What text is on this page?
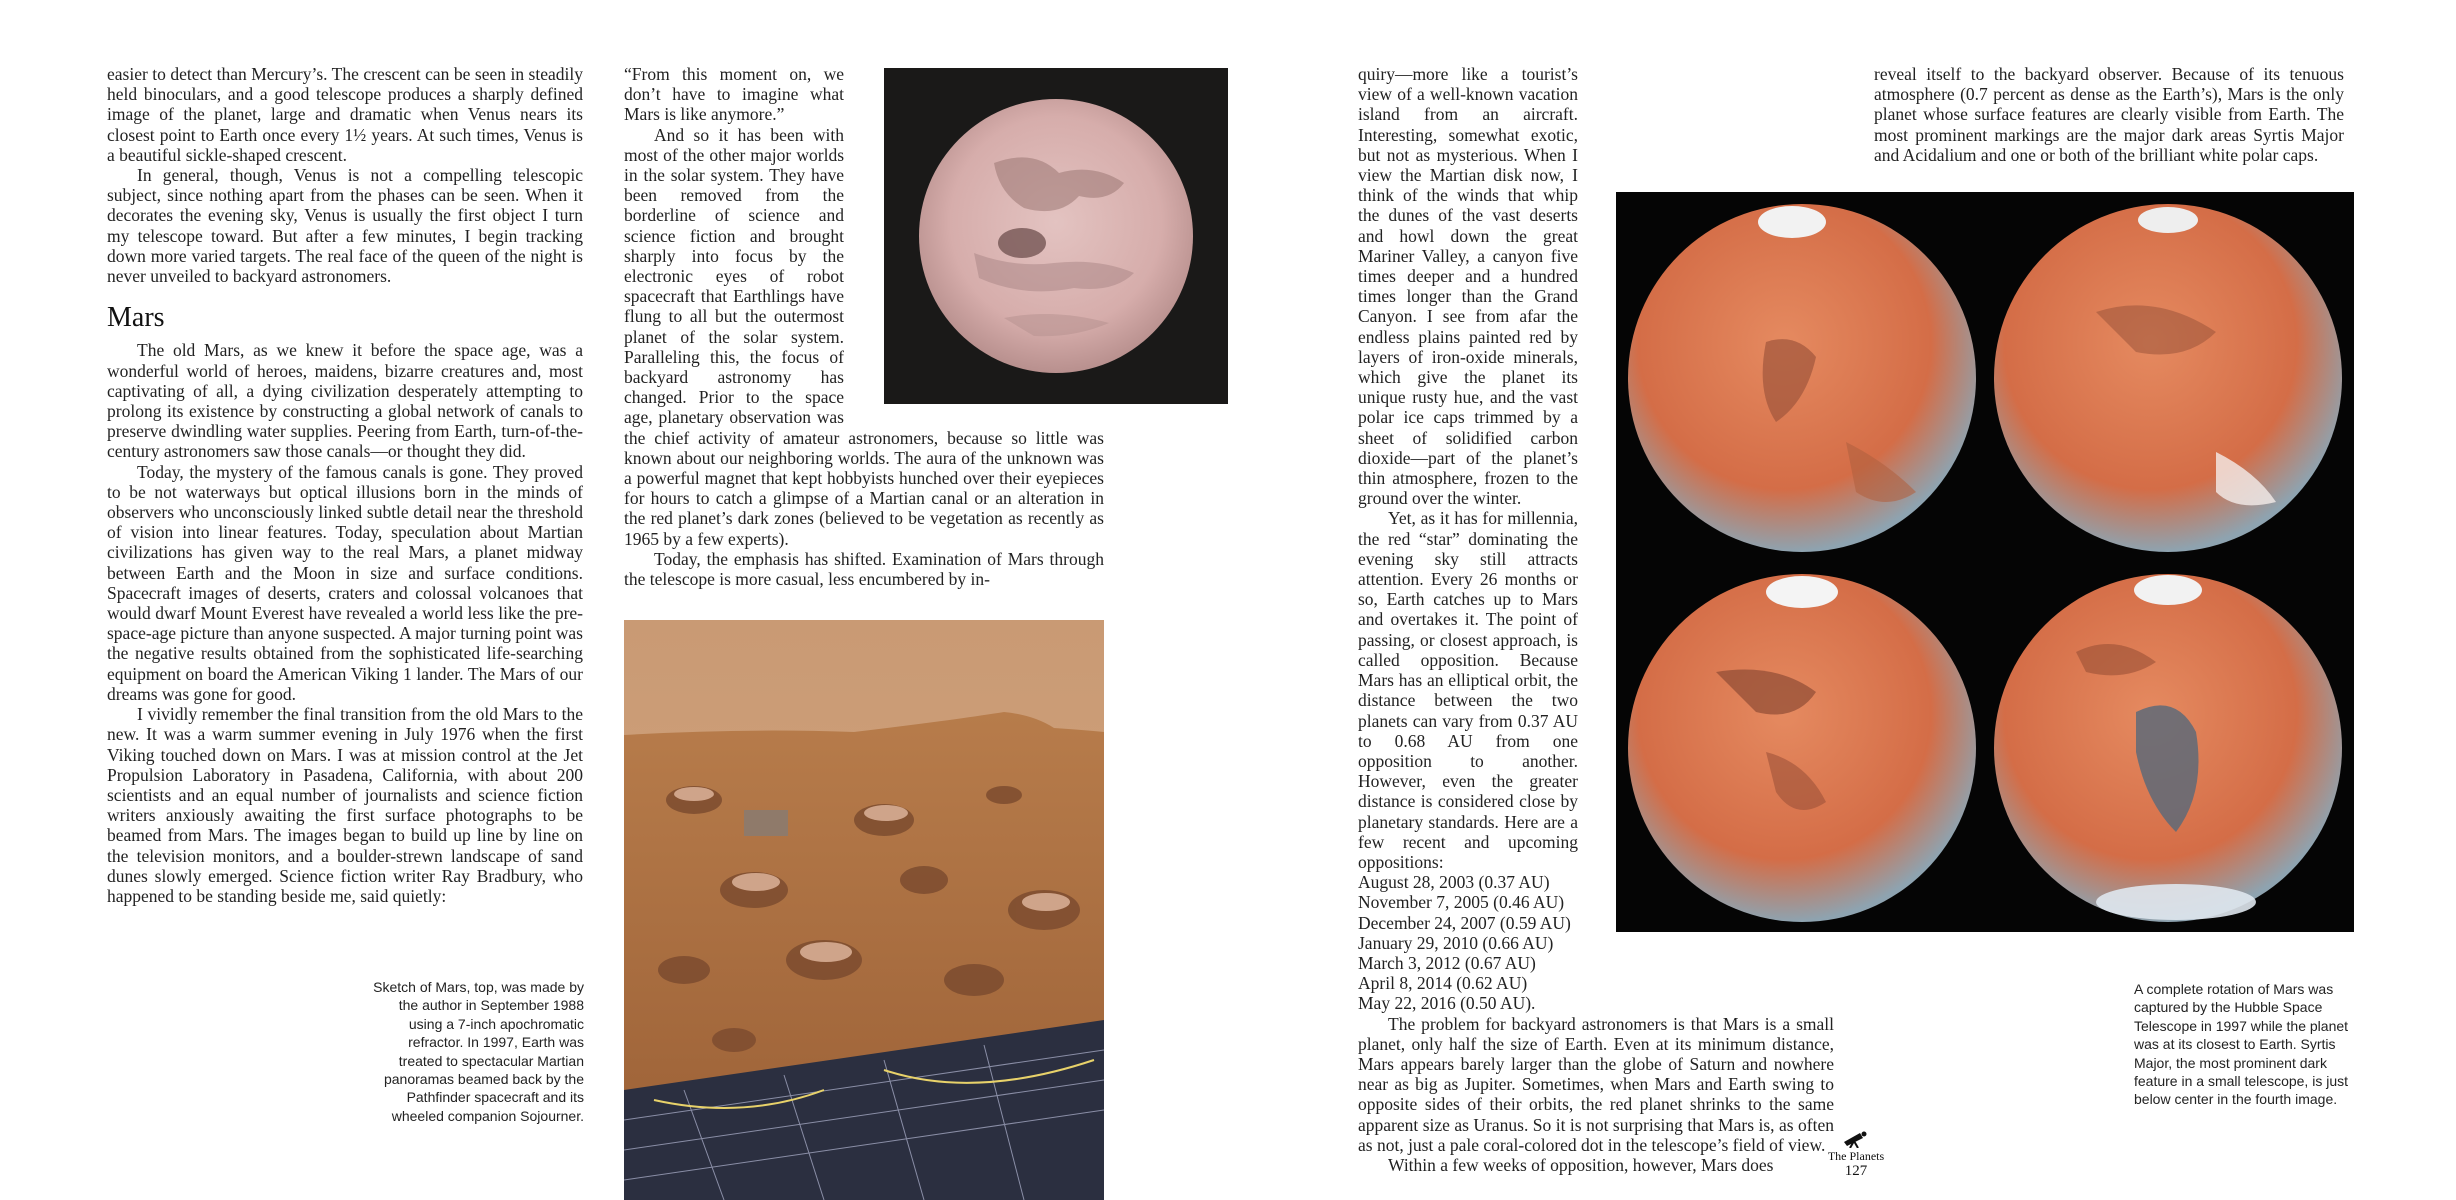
easier to detect than Mercury’s. The crescent can be seen in steadily held binoculars, and a good telescope produces a sharply defined image of the planet, large and dramatic when Venus nears its closest point to Earth once every 1½ years. At such times, Venus is a beautiful sickle-shaped crescent.

In general, though, Venus is not a compelling telescopic subject, since nothing apart from the phases can be seen. When it decorates the evening sky, Venus is usually the first object I turn my telescope toward. But after a few minutes, I begin tracking down more varied targets. The real face of the queen of the night is never unveiled to backyard astronomers.

Mars

The old Mars, as we knew it before the space age, was a wonderful world of heroes, maidens, bizarre creatures and, most captivating of all, a dying civilization desperately attempting to prolong its existence by constructing a global network of canals to preserve dwindling water supplies. Peering from Earth, turn-of-the-century astronomers saw those canals—or thought they did.

Today, the mystery of the famous canals is gone. They proved to be not waterways but optical illusions born in the minds of observers who unconsciously linked subtle detail near the threshold of vision into linear features. Today, speculation about Martian civilizations has given way to the real Mars, a planet midway between Earth and the Moon in size and surface conditions. Spacecraft images of deserts, craters and colossal volcanoes that would dwarf Mount Everest have revealed a world less like the pre-space-age picture than anyone suspected. A major turning point was the negative results obtained from the sophisticated life-searching equipment on board the American Viking 1 lander. The Mars of our dreams was gone for good.

I vividly remember the final transition from the old Mars to the new. It was a warm summer evening in July 1976 when the first Viking touched down on Mars. I was at mission control at the Jet Propulsion Laboratory in Pasadena, California, with about 200 scientists and an equal number of journalists and science fiction writers anxiously awaiting the first surface photographs to be beamed from Mars. The images began to build up line by line on the television monitors, and a boulder-strewn landscape of sand dunes slowly emerged. Science fiction writer Ray Bradbury, who happened to be standing beside me, said quietly:

“From this moment on, we don’t have to imagine what Mars is like anymore.”

And so it has been with most of the other major worlds in the solar system. They have been removed from the borderline of science and science fiction and brought sharply into focus by the electronic eyes of robot spacecraft that Earthlings have flung to all but the outermost planet of the solar system. Paralleling this, the focus of backyard astronomy has changed. Prior to the space age, planetary observation was the chief activity of amateur astronomers, because so little was known about our neighboring worlds. The aura of the unknown was a powerful magnet that kept hobbyists hunched over their eyepieces for hours to catch a glimpse of a Martian canal or an alteration in the red planet’s dark zones (believed to be vegetation as recently as 1965 by a few experts).

Today, the emphasis has shifted. Examination of Mars through the telescope is more casual, less encumbered by in-

Sketch of Mars, top, was made by the author in September 1988 using a 7-inch apochromatic refractor. In 1997, Earth was treated to spectacular Martian panoramas beamed back by the Pathfinder spacecraft and its wheeled companion Sojourner.

quiry—more like a tourist’s view of a well-known vacation island from an aircraft. Interesting, somewhat exotic, but not as mysterious. When I view the Martian disk now, I think of the winds that whip the dunes of the vast deserts and howl down the great Mariner Valley, a canyon five times deeper and a hundred times longer than the Grand Canyon. I see from afar the endless plains painted red by layers of iron-oxide minerals, which give the planet its unique rusty hue, and the vast polar ice caps trimmed by a sheet of solidified carbon dioxide—part of the planet’s thin atmosphere, frozen to the ground over the winter.

Yet, as it has for millennia, the red “star” dominating the evening sky still attracts attention. Every 26 months or so, Earth catches up to Mars and overtakes it. The point of passing, or closest approach, is called opposition. Because Mars has an elliptical orbit, the distance between the two planets can vary from 0.37 AU to 0.68 AU from one opposition to another. However, even the greater distance is considered close by planetary standards. Here are a few recent and upcoming oppositions:

August 28, 2003 (0.37 AU)
November 7, 2005 (0.46 AU)
December 24, 2007 (0.59 AU)
January 29, 2010 (0.66 AU)
March 3, 2012 (0.67 AU)
April 8, 2014 (0.62 AU)
May 22, 2016 (0.50 AU).

The problem for backyard astronomers is that Mars is a small planet, only half the size of Earth. Even at its minimum distance, Mars appears barely larger than the globe of Saturn and nowhere near as big as Jupiter. Sometimes, when Mars and Earth swing to opposite sides of their orbits, the red planet shrinks to the same apparent size as Uranus. So it is not surprising that Mars is, as often as not, just a pale coral-colored dot in the telescope’s field of view.

Within a few weeks of opposition, however, Mars does

reveal itself to the backyard observer. Because of its tenuous atmosphere (0.7 percent as dense as the Earth’s), Mars is the only planet whose surface features are clearly visible from Earth. The most prominent markings are the major dark areas Syrtis Major and Acidalium and one or both of the brilliant white polar caps.

A complete rotation of Mars was captured by the Hubble Space Telescope in 1997 while the planet was at its closest to Earth. Syrtis Major, the most prominent dark feature in a small telescope, is just below center in the fourth image.
The Planets
127
